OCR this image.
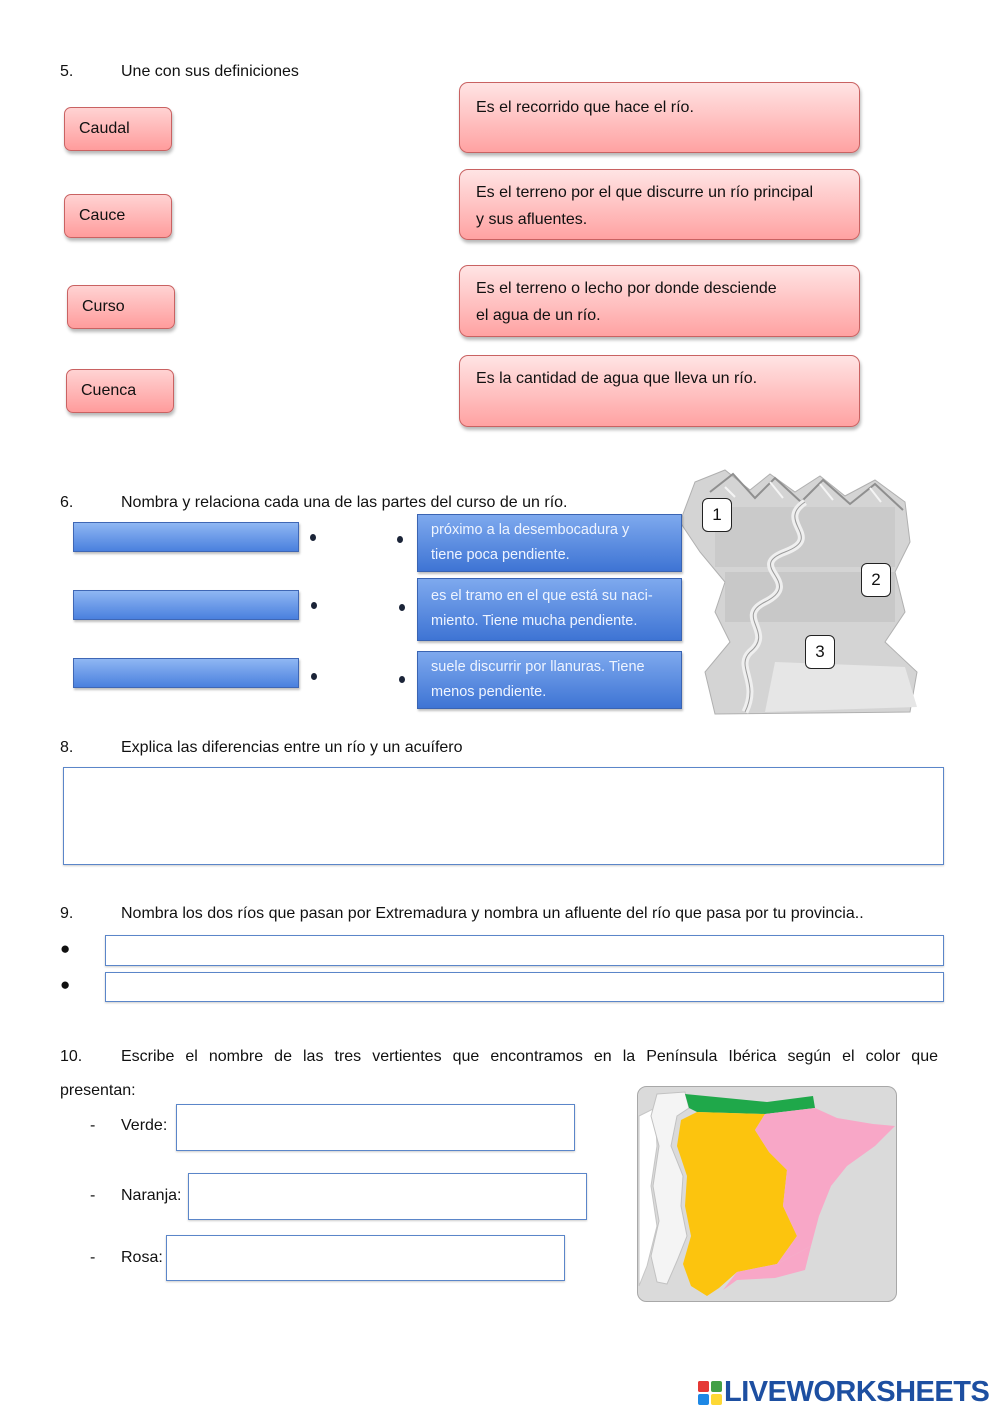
5.	Une con sus definiciones
Caudal
Cauce
Curso
Cuenca
Es el recorrido que hace el río.
Es el terreno por el que discurre un río principal
y sus afluentes.
Es el terreno o lecho por donde desciende
el agua de un río.
Es la cantidad de agua que lleva un río.
6.	Nombra y relaciona cada una de las partes del curso de un río.
1
2
3
próximo a la desembocadura y
tiene poca pendiente.
es el tramo en el que está su naci-
miento. Tiene mucha pendiente.
suele discurrir por llanuras. Tiene
menos pendiente.
8.	Explica las diferencias entre un río y un acuífero
9.	Nombra los dos ríos que pasan por Extremadura y nombra un afluente del río que pasa por tu provincia..
●
●
10. Escribe el nombre de las tres vertientes que encontramos en la Península Ibérica según el color que
presentan:
- Verde:
- Naranja:
- Rosa:
LIVEWORKSHEETS
